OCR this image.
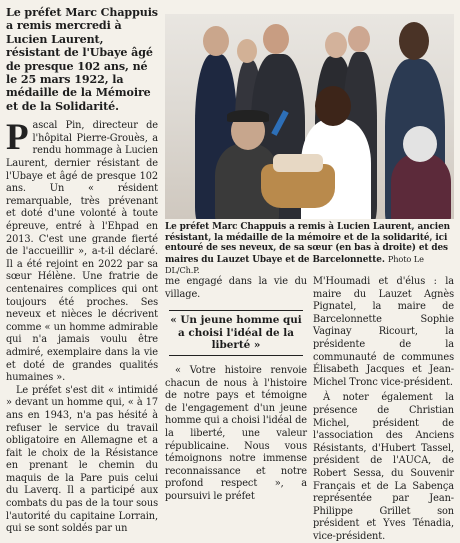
Le préfet Marc Chappuis a remis mercredi à Lucien Laurent, résistant de l'Ubaye âgé de presque 102 ans, né le 25 mars 1922, la médaille de la Mémoire et de la Solidarité.

Pascal Pin, directeur de l'hôpital Pierre-Grouès, a rendu hommage à Lucien Laurent, dernier résistant de l'Ubaye et âgé de presque 102 ans. Un « résident remarquable, très prévenant et doté d'une volonté à toute épreuve, entré à l'Ehpad en 2013. C'est une grande fierté de l'accueillir », a-t-il déclaré. Il a été rejoint en 2022 par sa sœur Hélène. Une fratrie de centenaires complices qui ont toujours été proches. Ses neveux et nièces le décrivent comme « un homme admirable qui n'a jamais voulu être admiré, exemplaire dans la vie et doté de grandes qualités humaines ».

Le préfet s'est dit « intimidé » devant un homme qui, « à 17 ans en 1943, n'a pas hésité à refuser le service du travail obligatoire en Allemagne et a fait le choix de la Résistance en prenant le chemin du maquis de la Pare puis celui du Laverq. Il a participé aux combats du pas de la tour sous l'autorité du capitaine Lorrain, qui se sont soldés par un

Le préfet Marc Chappuis a remis à Lucien Laurent, ancien résistant, la médaille de la mémoire et de la solidarité, ici entouré de ses neveux, de sa sœur (en bas à droite) et des maires du Lauzet Ubaye et de Barcelonnette. Photo Le DL/Ch.P.

me engagé dans la vie du village.

« Un jeune homme qui a choisi l'idéal de la liberté »

« Votre histoire renvoie chacun de nous à l'histoire de notre pays et témoigne de l'engagement d'un jeune homme qui a choisi l'idéal de la liberté, une valeur républicaine. Nous vous témoignons notre immense reconnaissance et notre profond respect », a poursuivi le préfet

M'Houmadi et d'élus : la maire du Lauzet Agnès Pignatel, la maire de Barcelonnette Sophie Vaginay Ricourt, la présidente de la communauté de communes Élisabeth Jacques et Jean-Michel Tronc vice-président.

À noter également la présence de Christian Michel, président de l'association des Anciens Résistants, d'Hubert Tassel, président de l'AUCA, de Robert Sessa, du Souvenir Français et de La Sabença représentée par Jean-Philippe Grillet son président et Yves Ténadia, vice-président.
